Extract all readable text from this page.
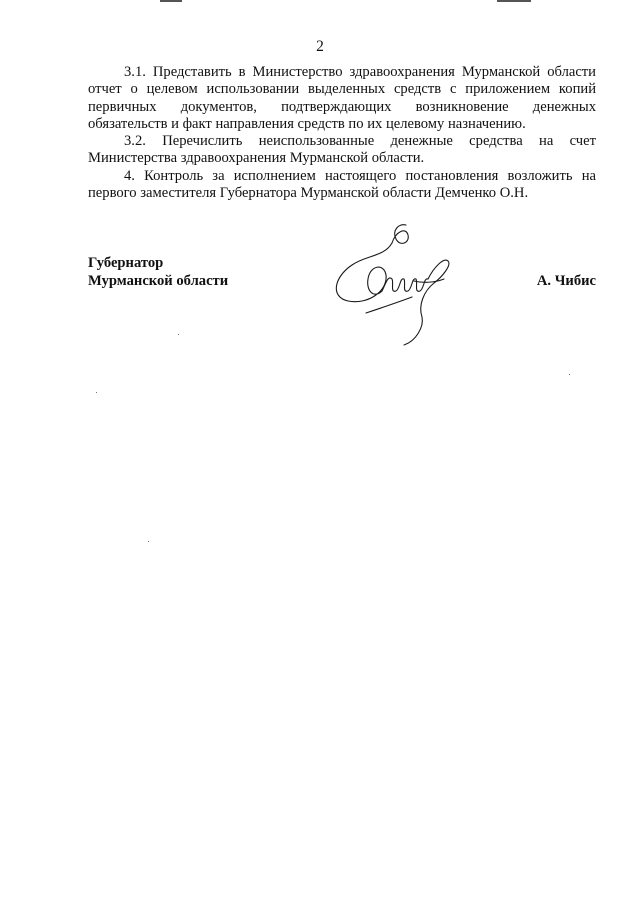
2

3.1. Представить в Министерство здравоохранения Мурманской области отчет о целевом использовании выделенных средств с приложением копий первичных документов, подтверждающих возникновение денежных обязательств и факт направления средств по их целевому назначению.

3.2. Перечислить неиспользованные денежные средства на счет Министерства здравоохранения Мурманской области.

4. Контроль за исполнением настоящего постановления возложить на первого заместителя Губернатора Мурманской области Демченко О.Н.

Губернатор
Мурманской области	А. Чибис
